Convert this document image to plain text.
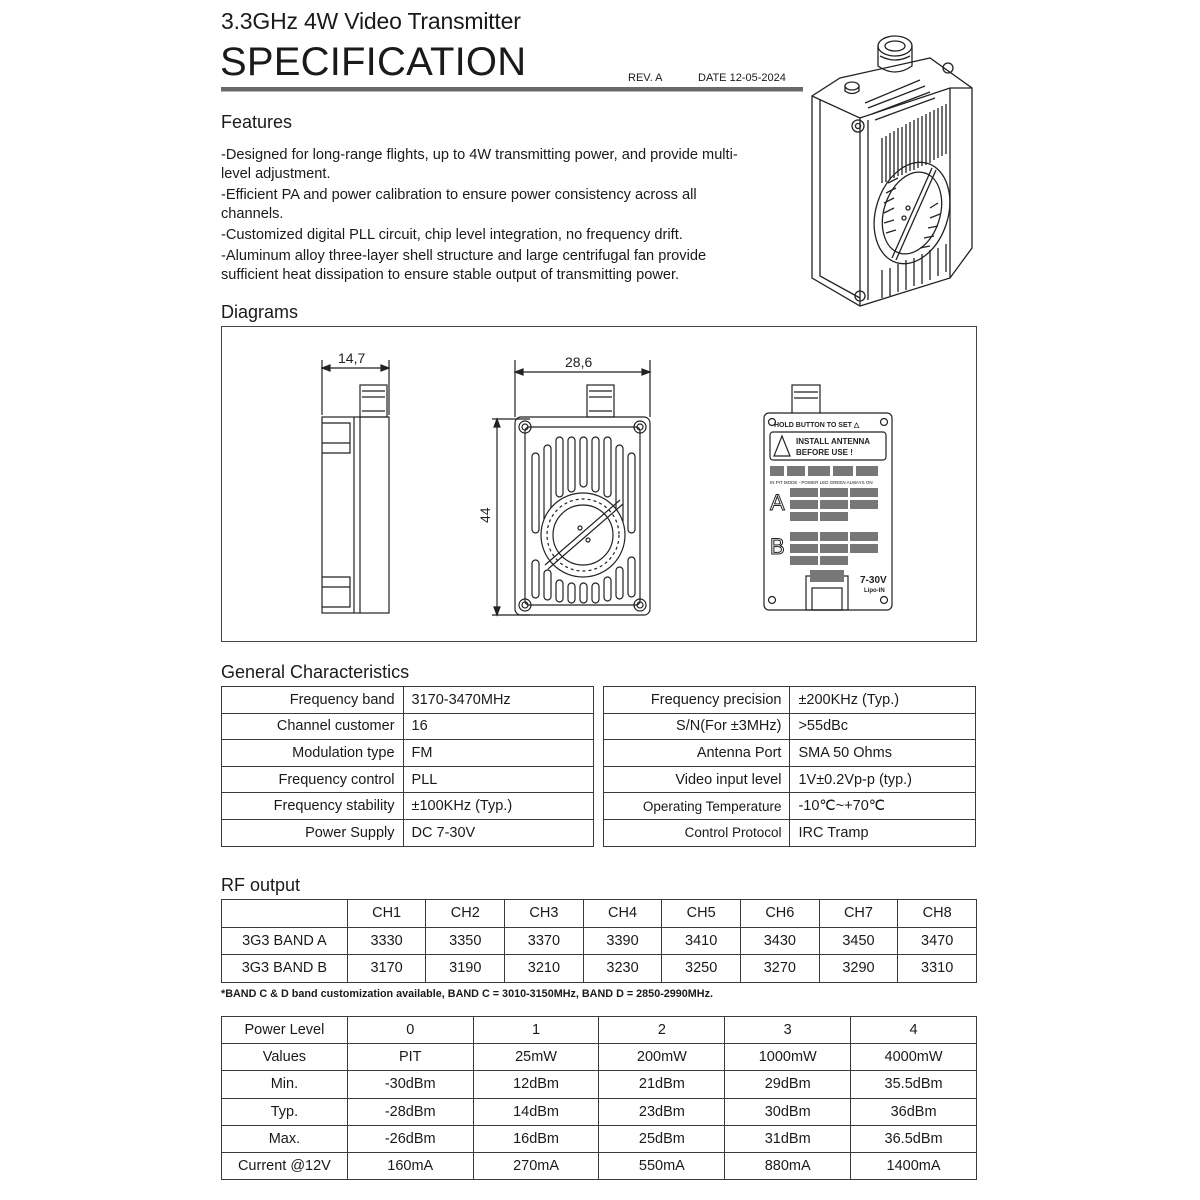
3.3GHz 4W Video Transmitter
SPECIFICATION	REV. A	DATE 12-05-2024
Features

-Designed for long-range flights, up to 4W transmitting power, and provide multi-level adjustment.

-Efficient PA and power calibration to ensure power consistency across all channels.

-Customized digital PLL circuit, chip level integration, no frequency drift.

-Aluminum alloy three-layer shell structure and large centrifugal fan provide sufficient heat dissipation to ensure stable output of transmitting power.

Diagrams
14,7	28,6
44
HOLD BUTTON TO SET △
INSTALL ANTENNA
BEFORE USE !
IN PIT MODE - POWER LED GREEN ALWAYS ON
A
B
7-30V
Lipo-IN
General Characteristics
Frequency band	3170-3470MHz
Channel customer	16
Modulation type	FM
Frequency control	PLL
Frequency stability	±100KHz (Typ.)
Power Supply	DC 7-30V
Frequency precision	±200KHz (Typ.)
S/N(For ±3MHz)	>55dBc
Antenna Port	SMA 50 Ohms
Video input level	1V±0.2Vp-p (typ.)
Operating Temperature	-10℃~+70℃
Control Protocol	IRC Tramp
RF output
	CH1	CH2	CH3	CH4	CH5	CH6	CH7	CH8
3G3 BAND A	3330	3350	3370	3390	3410	3430	3450	3470
3G3 BAND B	3170	3190	3210	3230	3250	3270	3290	3310
*BAND C & D band customization available, BAND C = 3010-3150MHz, BAND D = 2850-2990MHz.
Power Level	0	1	2	3	4
Values	PIT	25mW	200mW	1000mW	4000mW
Min.	-30dBm	12dBm	21dBm	29dBm	35.5dBm
Typ.	-28dBm	14dBm	23dBm	30dBm	36dBm
Max.	-26dBm	16dBm	25dBm	31dBm	36.5dBm
Current @12V	160mA	270mA	550mA	880mA	1400mA
